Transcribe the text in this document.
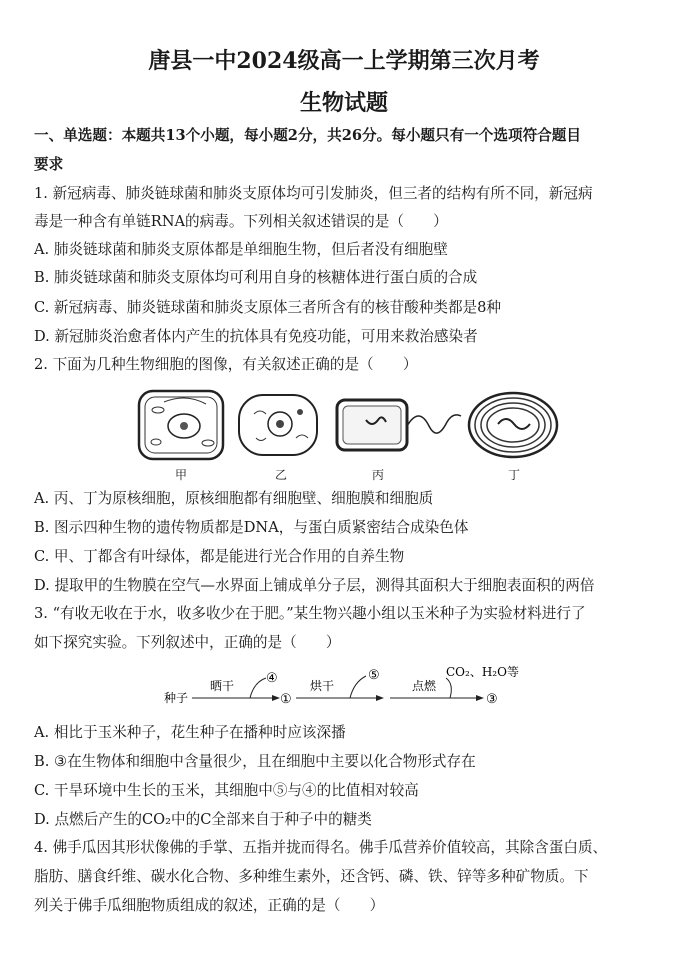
唐县一中2024级高一上学期第三次月考
生物试题
一、单选题：本题共13个小题，每小题2分，共26分。每小题只有一个选项符合题目
要求
1. 新冠病毒、肺炎链球菌和肺炎支原体均可引发肺炎，但三者的结构有所不同，新冠病
毒是一种含有单链RNA的病毒。下列相关叙述错误的是（　　）
A. 肺炎链球菌和肺炎支原体都是单细胞生物，但后者没有细胞壁
B. 肺炎链球菌和肺炎支原体均可利用自身的核糖体进行蛋白质的合成
C. 新冠病毒、肺炎链球菌和肺炎支原体三者所含有的核苷酸种类都是8种
D. 新冠肺炎治愈者体内产生的抗体具有免疫功能，可用来救治感染者
2. 下面为几种生物细胞的图像，有关叙述正确的是（　　）
甲	乙	丙	丁
A. 丙、丁为原核细胞，原核细胞都有细胞壁、细胞膜和细胞质
B. 图示四种生物的遗传物质都是DNA，与蛋白质紧密结合成染色体
C. 甲、丁都含有叶绿体，都是能进行光合作用的自养生物
D. 提取甲的生物膜在空气—水界面上铺成单分子层，测得其面积大于细胞表面积的两倍
3. “有收无收在于水，收多收少在于肥。”某生物兴趣小组以玉米种子为实验材料进行了
如下探究实验。下列叙述中，正确的是（　　）
种子
晒干 ④
①
烘干
⑤
点燃
CO₂、H₂O等
③
A. 相比于玉米种子，花生种子在播种时应该深播
B. ③在生物体和细胞中含量很少，且在细胞中主要以化合物形式存在
C. 干旱环境中生长的玉米，其细胞中⑤与④的比值相对较高
D. 点燃后产生的CO₂中的C全部来自于种子中的糖类
4. 佛手瓜因其形状像佛的手掌、五指并拢而得名。佛手瓜营养价值较高，其除含蛋白质、
脂肪、膳食纤维、碳水化合物、多种维生素外，还含钙、磷、铁、锌等多种矿物质。下
列关于佛手瓜细胞物质组成的叙述，正确的是（　　）
